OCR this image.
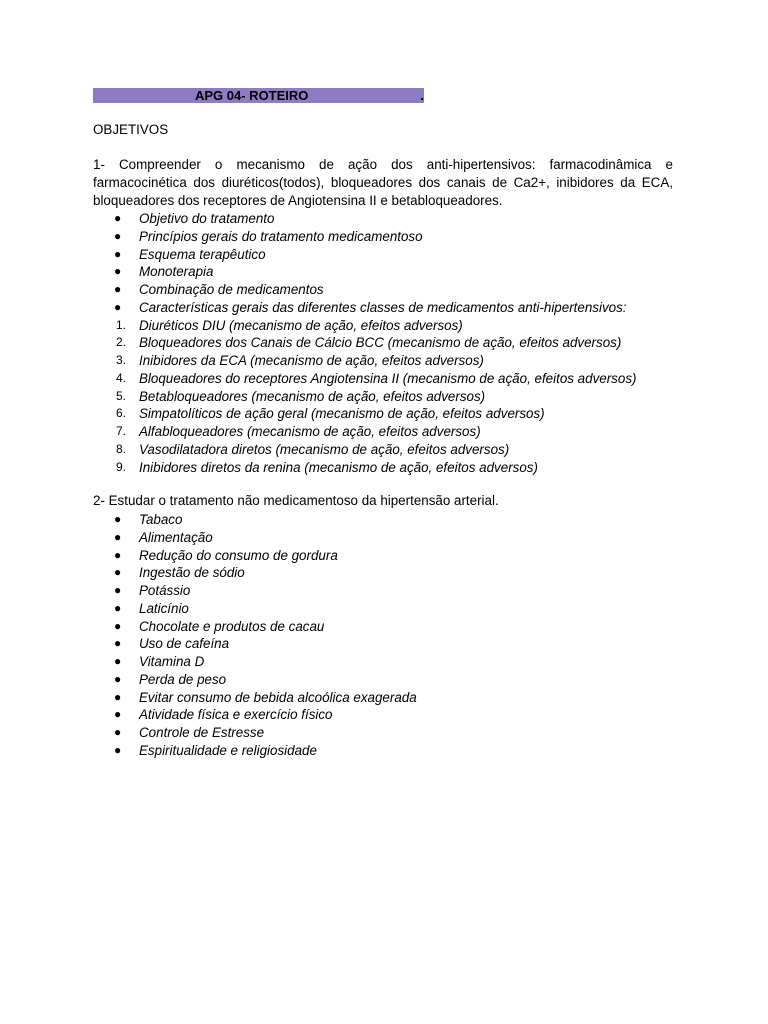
APG 04- ROTEIRO	.
OBJETIVOS
1- Compreender o mecanismo de ação dos anti-hipertensivos: farmacodinâmica e farmacocinética dos diuréticos(todos), bloqueadores dos canais de Ca2+, inibidores da ECA, bloqueadores dos receptores de Angiotensina II e betabloqueadores.
●	Objetivo do tratamento
●	Princípios gerais do tratamento medicamentoso
●	Esquema terapêutico
●	Monoterapia
●	Combinação de medicamentos
●	Características gerais das diferentes classes de medicamentos anti-hipertensivos:
1. Diuréticos DIU (mecanismo de ação, efeitos adversos)
2. Bloqueadores dos Canais de Cálcio BCC (mecanismo de ação, efeitos adversos)
3. Inibidores da ECA (mecanismo de ação, efeitos adversos)
4. Bloqueadores do receptores Angiotensina II (mecanismo de ação, efeitos adversos)
5. Betabloqueadores (mecanismo de ação, efeitos adversos)
6. Simpatolíticos de ação geral (mecanismo de ação, efeitos adversos)
7. Alfabloqueadores (mecanismo de ação, efeitos adversos)
8. Vasodilatadora diretos (mecanismo de ação, efeitos adversos)
9. Inibidores diretos da renina (mecanismo de ação, efeitos adversos)
2- Estudar o tratamento não medicamentoso da hipertensão arterial.
●	Tabaco
●	Alimentação
●	Redução do consumo de gordura
●	Ingestão de sódio
●	Potássio
●	Laticínio
●	Chocolate e produtos de cacau
●	Uso de cafeína
●	Vitamina D
●	Perda de peso
●	Evitar consumo de bebida alcoólica exagerada
●	Atividade física e exercício físico
●	Controle de Estresse
●	Espiritualidade e religiosidade
